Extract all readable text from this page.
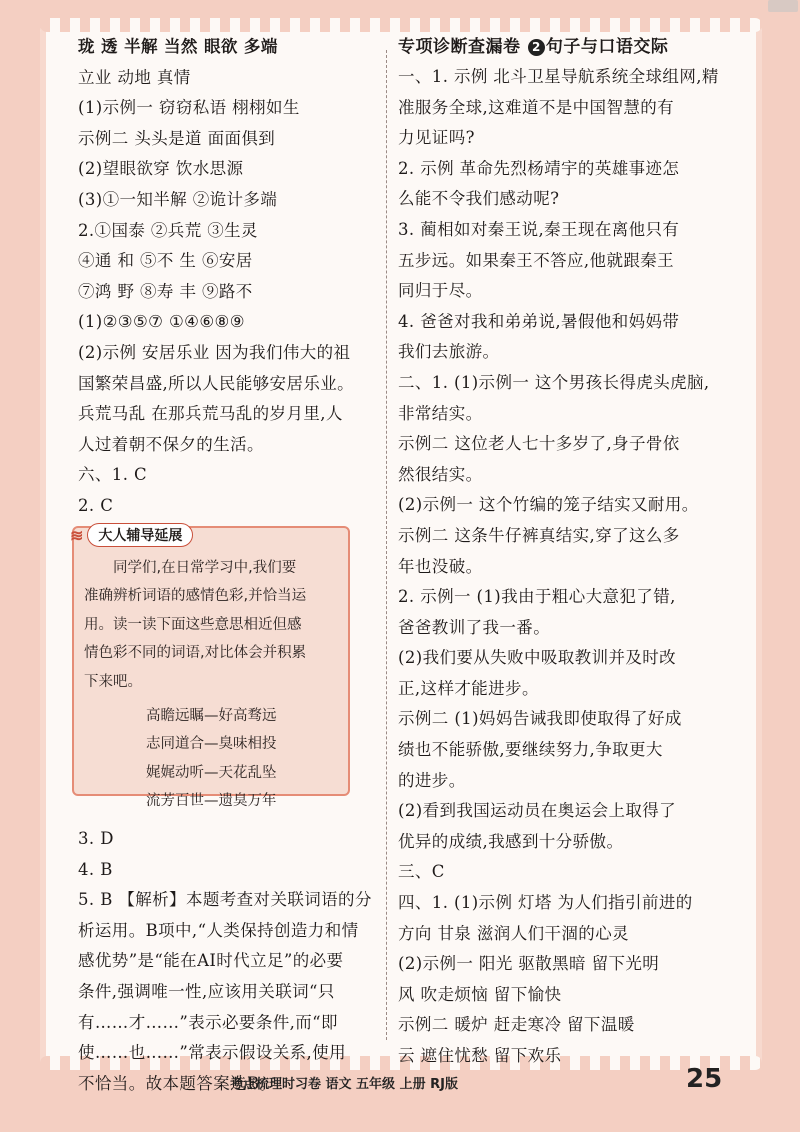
珑 透 半解 当然 眼欲 多端
立业 动地 真情
(1)示例一 窃窃私语 栩栩如生
示例二 头头是道 面面俱到
(2)望眼欲穿 饮水思源
(3)①一知半解 ②诡计多端
2.①国泰 ②兵荒 ③生灵
④通 和 ⑤不 生 ⑥安居
⑦鸿 野 ⑧寿 丰 ⑨路不
(1)②③⑤⑦ ①④⑥⑧⑨
(2)示例 安居乐业 因为我们伟大的祖
国繁荣昌盛,所以人民能够安居乐业。
兵荒马乱 在那兵荒马乱的岁月里,人
人过着朝不保夕的生活。
六、1. C
2. C
3. D
4. B
5. B 【解析】本题考查对关联词语的分
析运用。B项中,“人类保持创造力和情
感优势”是“能在AI时代立足”的必要
条件,强调唯一性,应该用关联词“只
有……才……”表示必要条件,而“即
使……也……”常表示假设关系,使用
不恰当。故本题答案选B。
≋	大人辅导延展
同学们,在日常学习中,我们要
准确辨析词语的感情色彩,并恰当运
用。读一读下面这些意思相近但感
情色彩不同的词语,对比体会并积累
下来吧。
高瞻远瞩—好高骛远
志同道合—臭味相投
娓娓动听—天花乱坠
流芳百世—遗臭万年
专项诊断查漏卷 2 句子与口语交际
一、1. 示例 北斗卫星导航系统全球组网,精
准服务全球,这难道不是中国智慧的有
力见证吗?
2. 示例 革命先烈杨靖宇的英雄事迹怎
么能不令我们感动呢?
3. 蔺相如对秦王说,秦王现在离他只有
五步远。如果秦王不答应,他就跟秦王
同归于尽。
4. 爸爸对我和弟弟说,暑假他和妈妈带
我们去旅游。
二、1. (1)示例一 这个男孩长得虎头虎脑,
非常结实。
示例二 这位老人七十多岁了,身子骨依
然很结实。
(2)示例一 这个竹编的笼子结实又耐用。
示例二 这条牛仔裤真结实,穿了这么多
年也没破。
2. 示例一 (1)我由于粗心大意犯了错,
爸爸教训了我一番。
(2)我们要从失败中吸取教训并及时改
正,这样才能进步。
示例二 (1)妈妈告诫我即使取得了好成
绩也不能骄傲,要继续努力,争取更大
的进步。
(2)看到我国运动员在奥运会上取得了
优异的成绩,我感到十分骄傲。
三、C
四、1. (1)示例 灯塔 为人们指引前进的
方向 甘泉 滋润人们干涸的心灵
(2)示例一 阳光 驱散黑暗 留下光明
风 吹走烦恼 留下愉快
示例二 暖炉 赶走寒冷 留下温暖
云 遮住忧愁 留下欢乐
考点梳理时习卷 语文 五年级 上册 RJ版	25
